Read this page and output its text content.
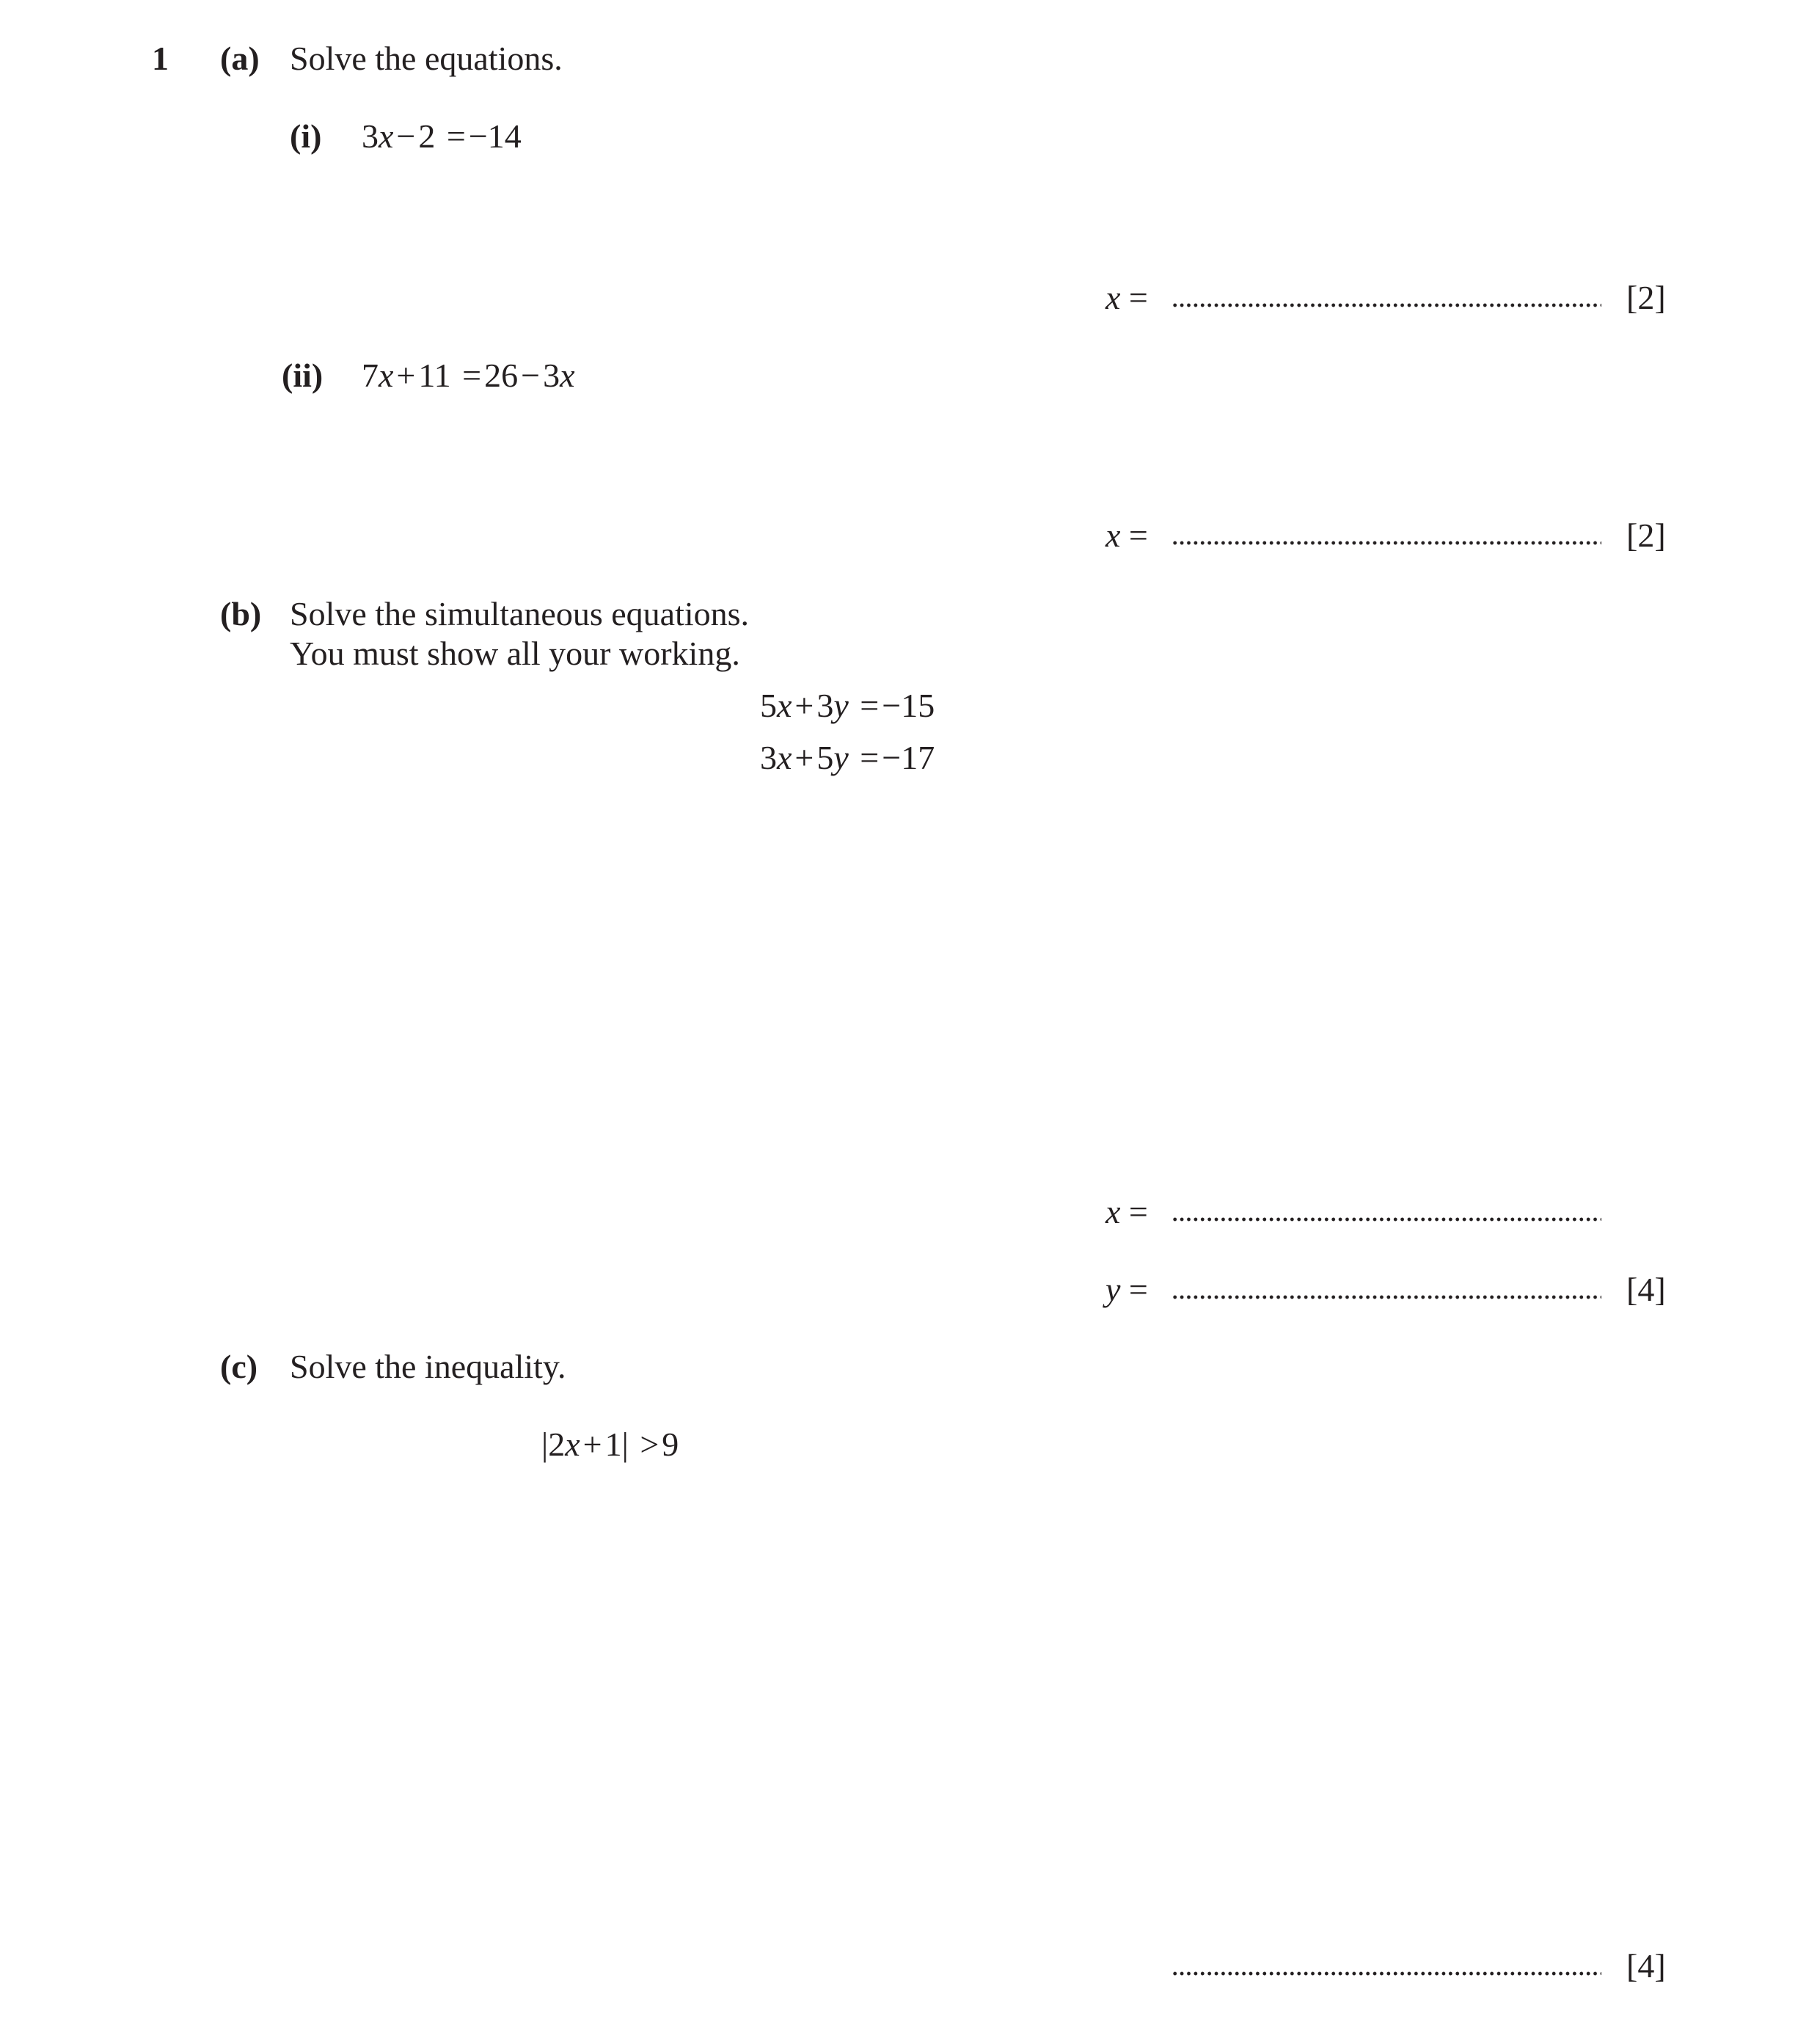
1 (a) Solve the equations.
(i) 3x−2 =−14
x =	[2]
(ii) 7x+11 =26−3x
x =	[2]
(b) Solve the simultaneous equations.
You must show all your working.
5x+3y =−15
3x+5y =−17
x =
y =	[4]
(c) Solve the inequality.
|2x+1| >9
[4]
